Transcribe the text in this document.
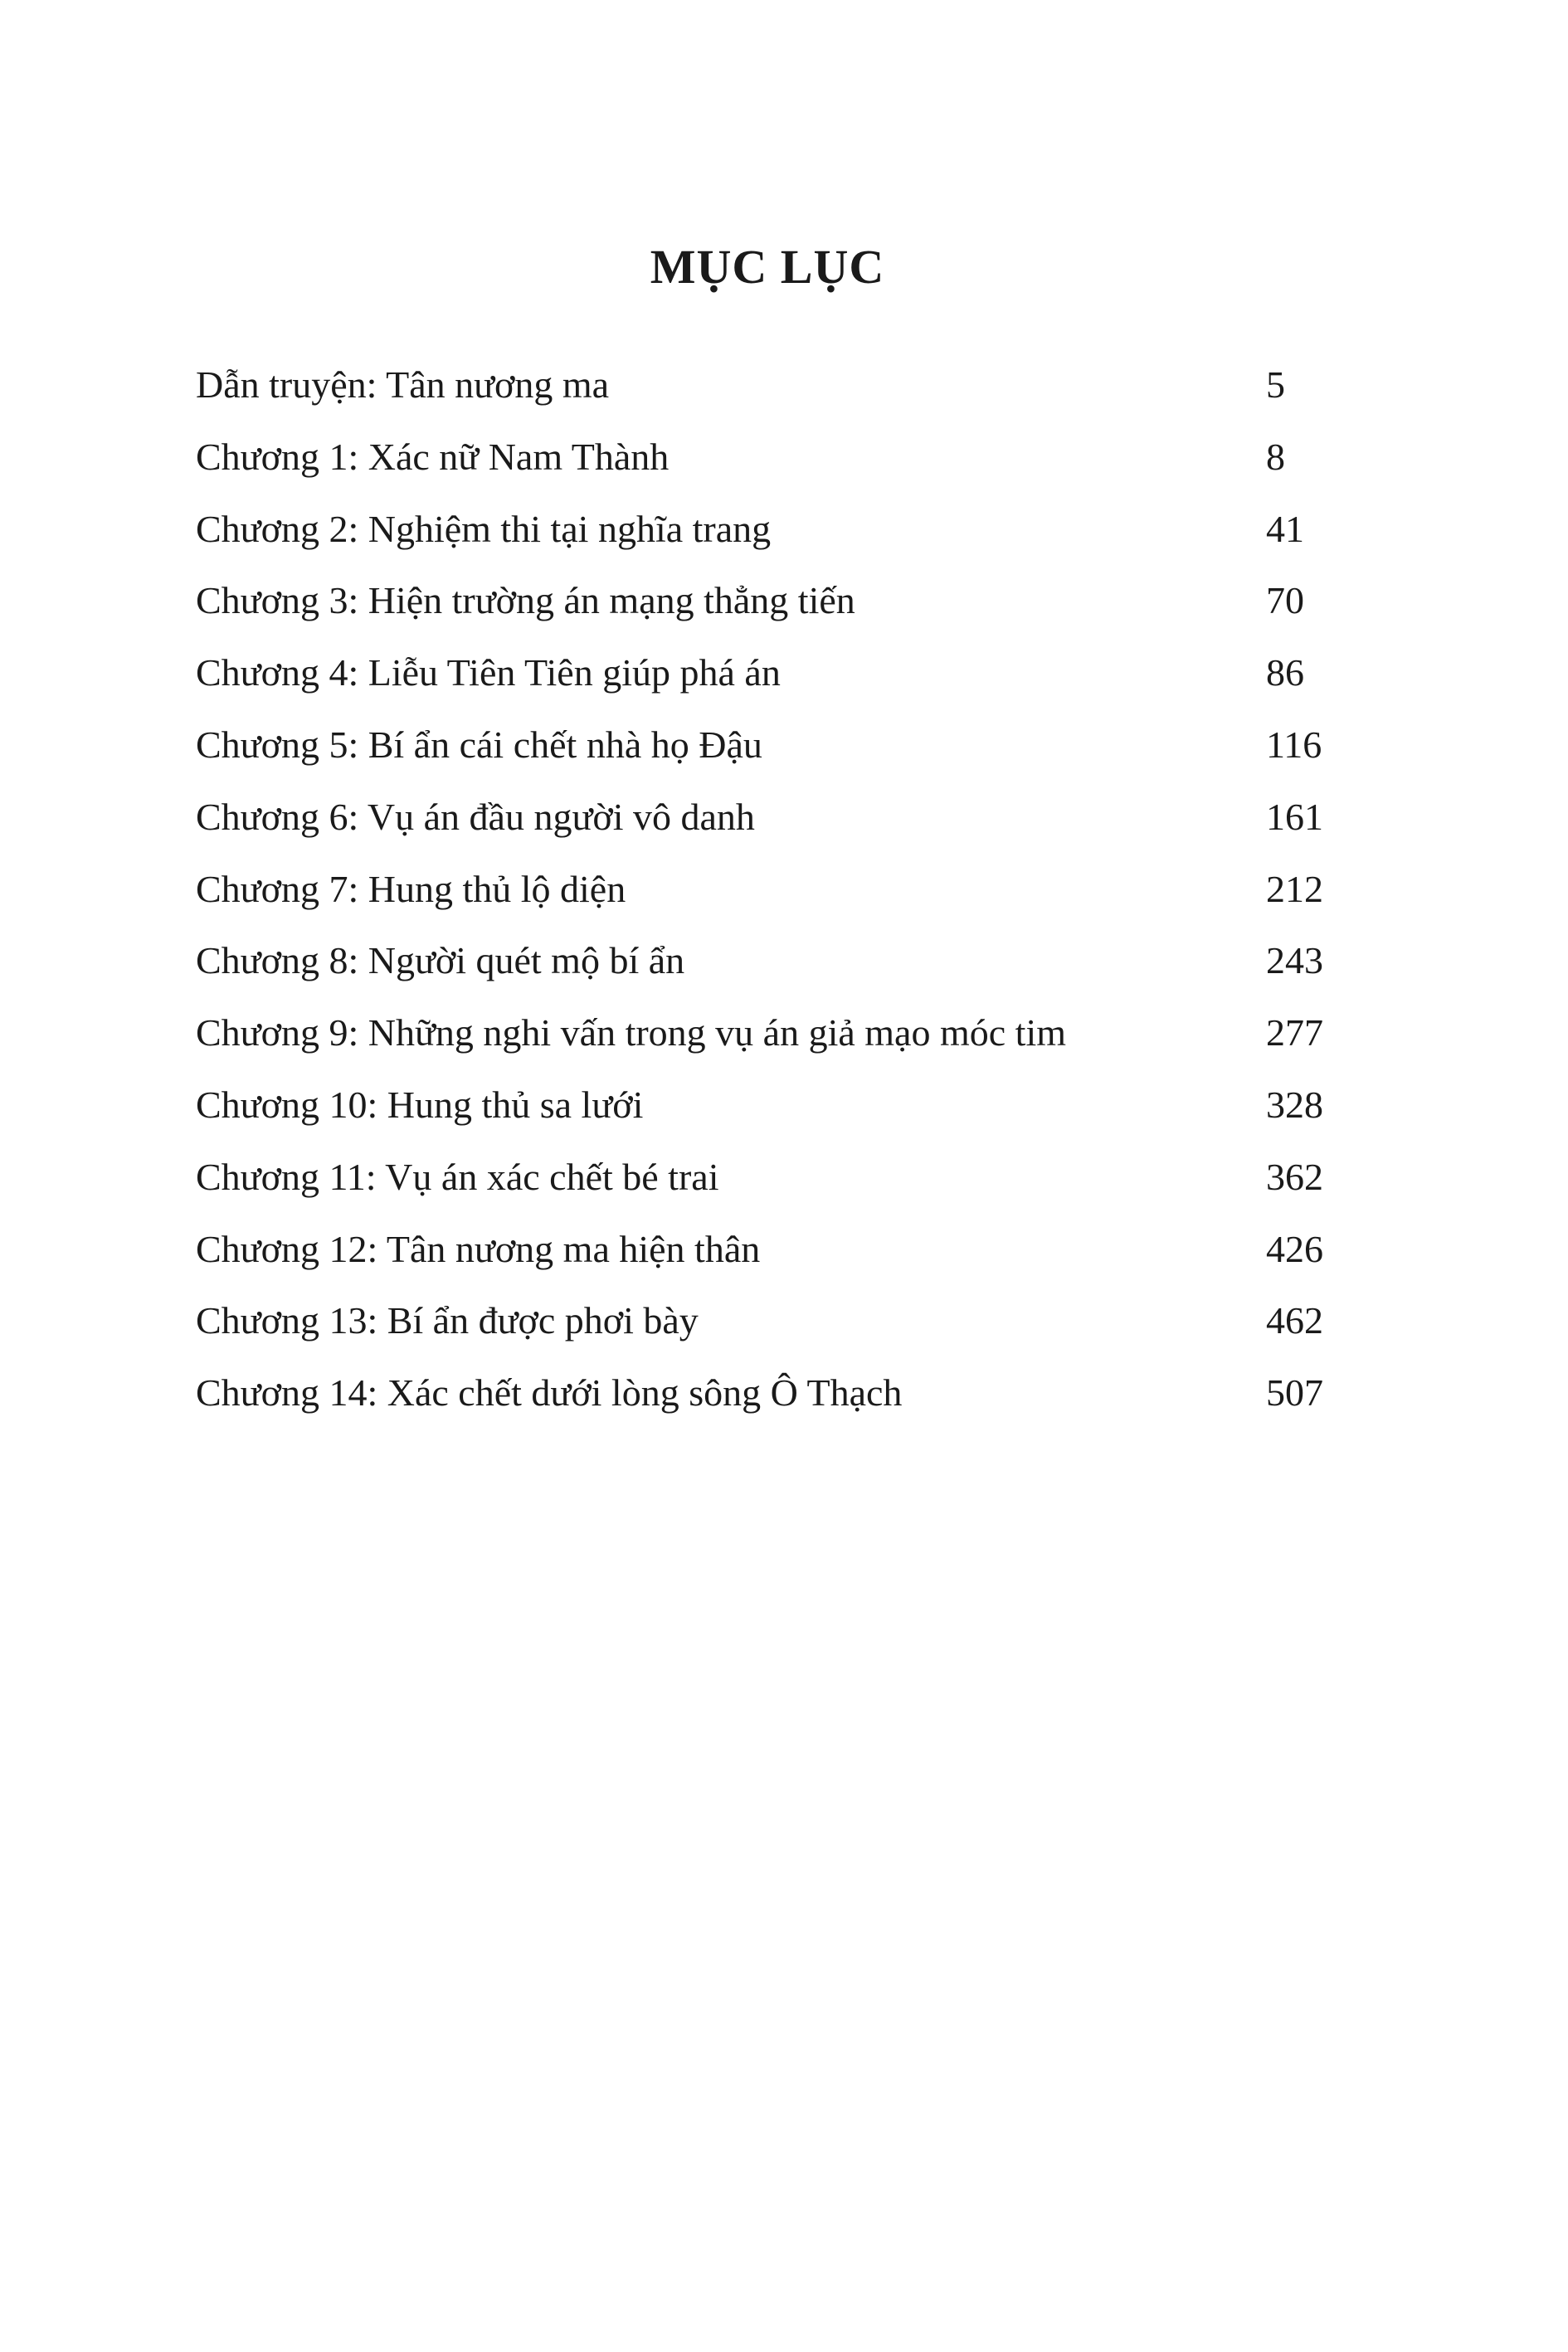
MỤC LỤC
Dẫn truyện: Tân nương ma	5
Chương 1: Xác nữ Nam Thành	8
Chương 2: Nghiệm thi tại nghĩa trang	41
Chương 3: Hiện trường án mạng thẳng tiến	70
Chương 4: Liễu Tiên Tiên giúp phá án	86
Chương 5: Bí ẩn cái chết nhà họ Đậu	116
Chương 6: Vụ án đầu người vô danh	161
Chương 7: Hung thủ lộ diện	212
Chương 8: Người quét mộ bí ẩn	243
Chương 9: Những nghi vấn trong vụ án giả mạo móc tim	277
Chương 10: Hung thủ sa lưới	328
Chương 11: Vụ án xác chết bé trai	362
Chương 12: Tân nương ma hiện thân	426
Chương 13: Bí ẩn được phơi bày	462
Chương 14: Xác chết dưới lòng sông Ô Thạch	507
